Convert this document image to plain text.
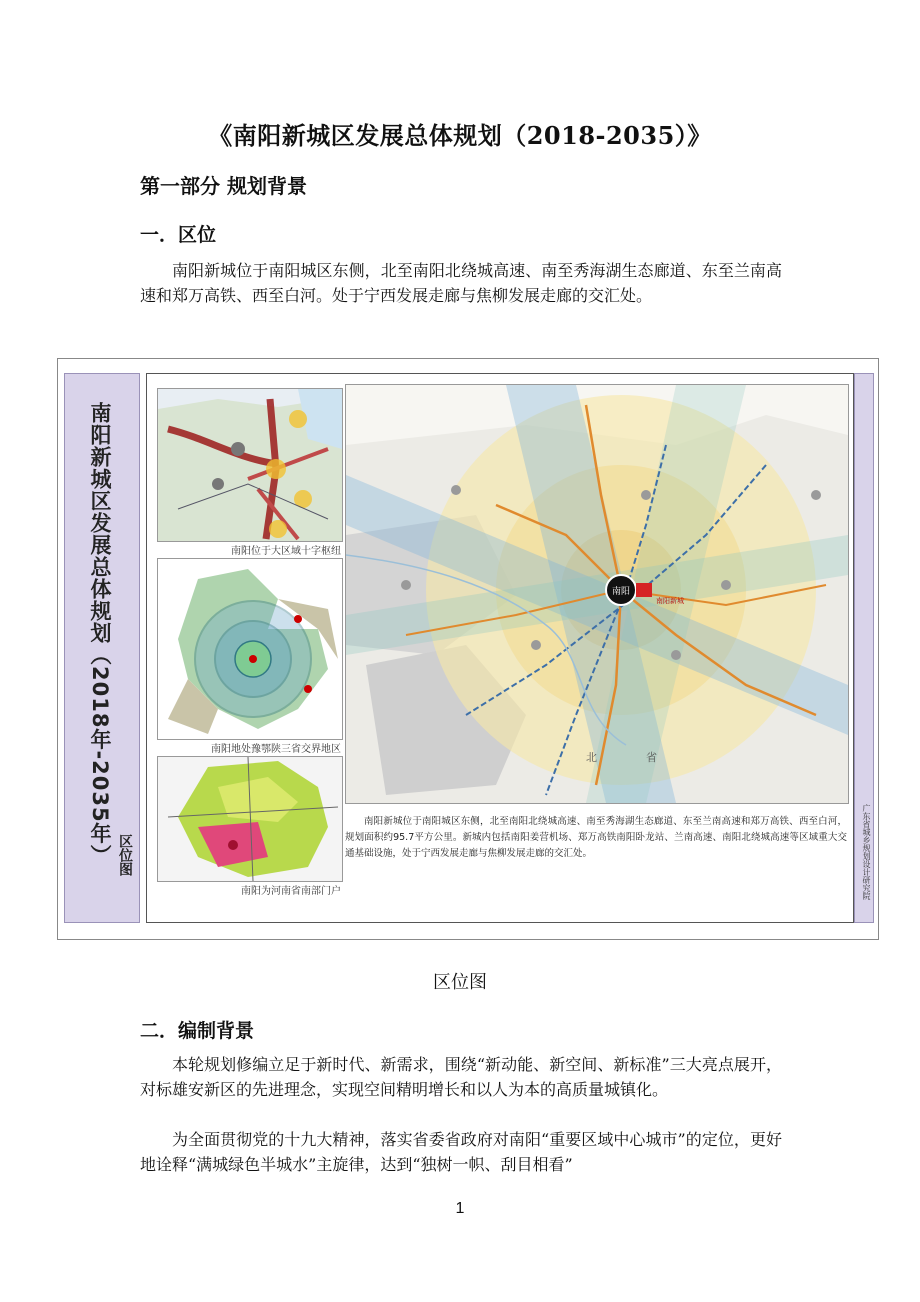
《南阳新城区发展总体规划（2018-2035）》
第一部分 规划背景
一．区位

南阳新城位于南阳城区东侧，北至南阳北绕城高速、南至秀海湖生态廊道、东至兰南高速和郑万高铁、西至白河。处于宁西发展走廊与焦柳发展走廊的交汇处。

南阳新城区发展总体规划（2018年-2035年） 区位图
南阳位于大区域十字枢纽
南阳地处豫鄂陕三省交界地区
南阳为河南省南部门户
南阳
南阳新城
北	省

南阳新城位于南阳城区东侧，北至南阳北绕城高速、南至秀海湖生态廊道、东至兰南高速和郑万高铁、西至白河，规划面积约95.7平方公里。新城内包括南阳姜营机场、郑万高铁南阳卧龙站、兰南高速、南阳北绕城高速等区域重大交通基础设施，处于宁西发展走廊与焦柳发展走廊的交汇处。	广东省城乡规划设计研究院

区位图

二．编制背景

本轮规划修编立足于新时代、新需求，围绕“新动能、新空间、新标准”三大亮点展开，对标雄安新区的先进理念，实现空间精明增长和以人为本的高质量城镇化。

为全面贯彻党的十九大精神，落实省委省政府对南阳“重要区域中心城市”的定位，更好地诠释“满城绿色半城水”主旋律，达到“独树一帜、刮目相看”

1
